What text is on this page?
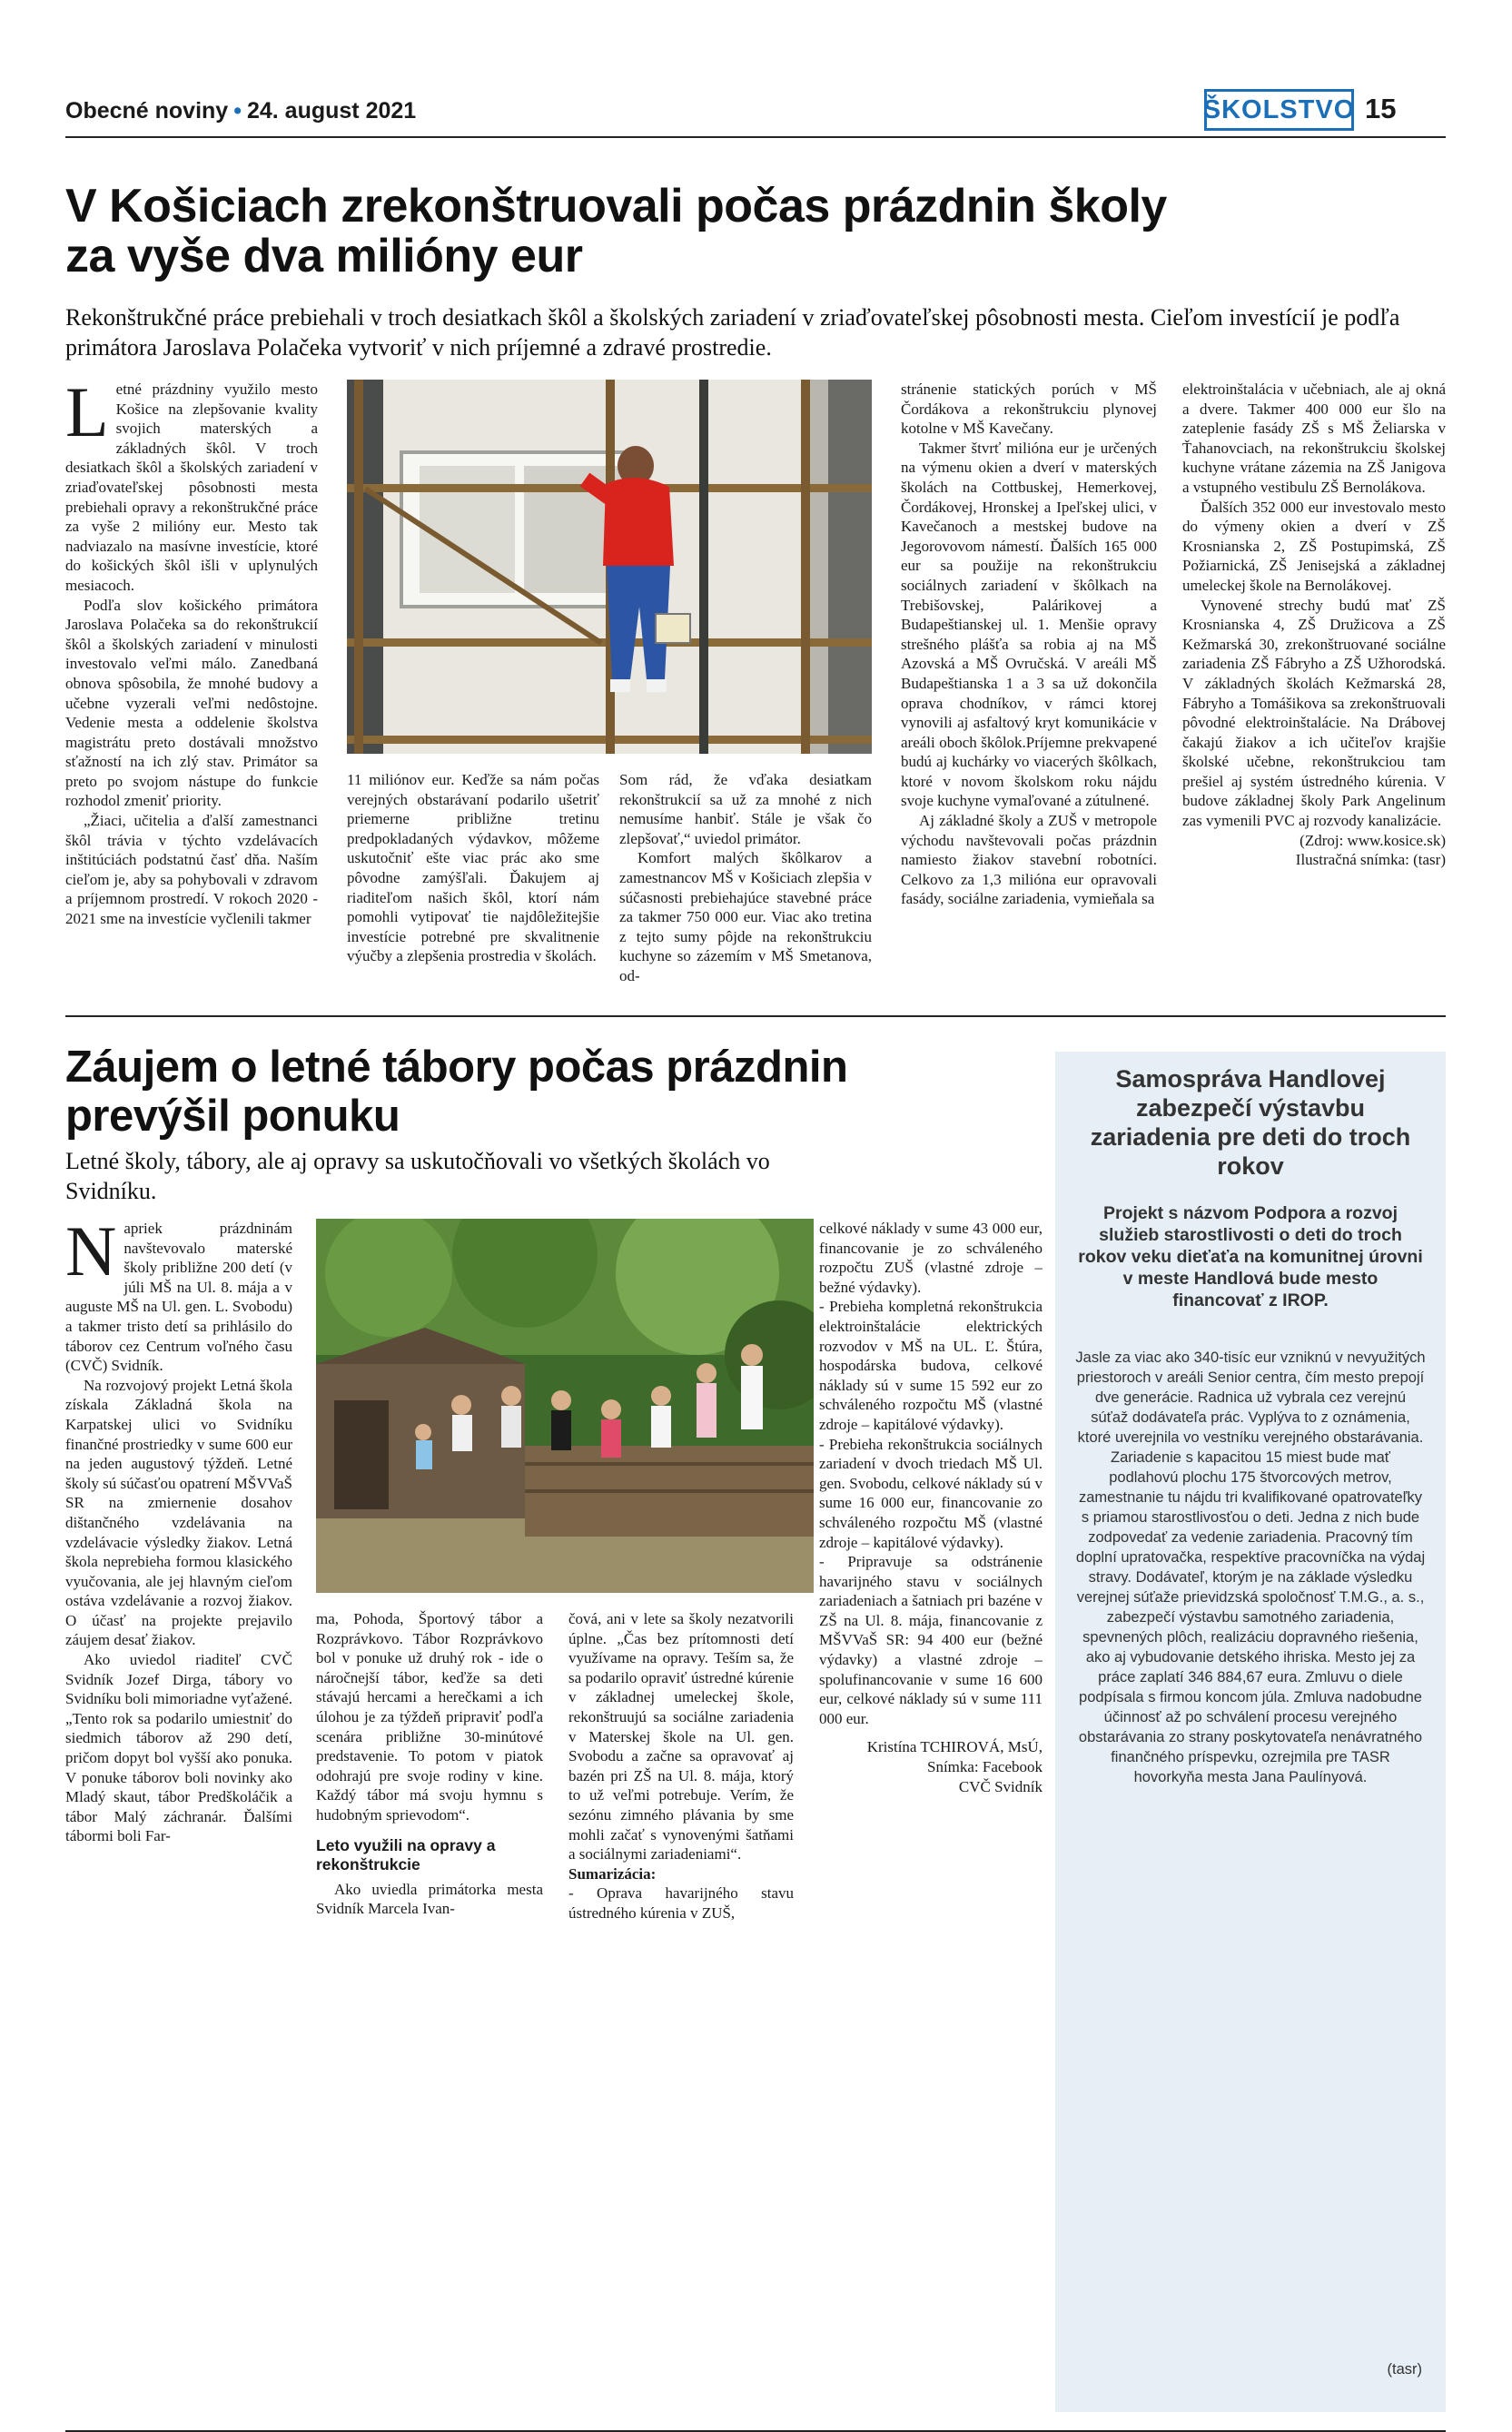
Obecné noviny • 24. august 2021	ŠKOLSTVO 15
V Košiciach zrekonštruovali počas prázdnin školy
za vyše dva milióny eur
Rekonštrukčné práce prebiehali v troch desiatkach škôl a školských zariadení v zriaďovateľskej pôsobnosti mesta. Cieľom investícií je podľa primátora Jaroslava Polačeka vytvoriť v nich príjemné a zdravé prostredie.

Letné prázdniny využilo mesto Košice na zlepšovanie kvality svojich materských a základných škôl. V troch desiatkach škôl a školských zariadení v zriaďovateľskej pôsobnosti mesta prebiehali opravy a rekonštrukčné práce za vyše 2 milióny eur. Mesto tak nadviazalo na masívne investície, ktoré do košických škôl išli v uplynulých mesiacoch.

Podľa slov košického primátora Jaroslava Polačeka sa do rekonštrukcií škôl a školských zariadení v minulosti investovalo veľmi málo. Zanedbaná obnova spôsobila, že mnohé budovy a učebne vyzerali veľmi nedôstojne. Vedenie mesta a oddelenie školstva magistrátu preto dostávali množstvo sťažností na ich zlý stav. Primátor sa preto po svojom nástupe do funkcie rozhodol zmeniť priority.

„Žiaci, učitelia a ďalší zamestnanci škôl trávia v týchto vzdelávacích inštitúciách podstatnú časť dňa. Naším cieľom je, aby sa pohybovali v zdravom a príjemnom prostredí. V rokoch 2020 - 2021 sme na investície vyčlenili takmer

11 miliónov eur. Keďže sa nám počas verejných obstarávaní podarilo ušetriť priemerne približne tretinu predpokladaných výdavkov, môžeme uskutočniť ešte viac prác ako sme pôvodne zamýšľali. Ďakujem aj riaditeľom našich škôl, ktorí nám pomohli vytipovať tie najdôležitejšie investície potrebné pre skvalitnenie výučby a zlepšenia prostredia v školách.

Som rád, že vďaka desiatkam rekonštrukcií sa už za mnohé z nich nemusíme hanbiť. Stále je však čo zlepšovať,“ uviedol primátor.

Komfort malých škôlkarov a zamestnancov MŠ v Košiciach zlepšia v súčasnosti prebiehajúce stavebné práce za takmer 750 000 eur. Viac ako tretina z tejto sumy pôjde na rekonštrukciu kuchyne so zázemím v MŠ Smetanova, od-

stránenie statických porúch v MŠ Čordákova a rekonštrukciu plynovej kotolne v MŠ Kavečany.

Takmer štvrť milióna eur je určených na výmenu okien a dverí v materských školách na Cottbuskej, Hemerkovej, Čordákovej, Hronskej a Ipeľskej ulici, v Kavečanoch a mestskej budove na Jegorovovom námestí. Ďalších 165 000 eur sa použije na rekonštrukciu sociálnych zariadení v škôlkach na Trebišovskej, Palárikovej a Budapeštianskej ul. 1. Menšie opravy strešného plášťa sa robia aj na MŠ Azovská a MŠ Ovručská. V areáli MŠ Budapeštianska 1 a 3 sa už dokončila oprava chodníkov, v rámci ktorej vynovili aj asfaltový kryt komunikácie v areáli oboch škôlok.Príjemne prekvapené budú aj kuchárky vo viacerých škôlkach, ktoré v novom školskom roku nájdu svoje kuchyne vymaľované a zútulnené.

Aj základné školy a ZUŠ v metropole východu navštevovali počas prázdnin namiesto žiakov stavební robotníci. Celkovo za 1,3 milióna eur opravovali fasády, sociálne zariadenia, vymieňala sa

elektroinštalácia v učebniach, ale aj okná a dvere. Takmer 400 000 eur šlo na zateplenie fasády ZŠ s MŠ Želiarska v Ťahanovciach, na rekonštrukciu školskej kuchyne vrátane zázemia na ZŠ Janigova a vstupného vestibulu ZŠ Bernolákova.

Ďalších 352 000 eur investovalo mesto do výmeny okien a dverí v ZŠ Krosnianska 2, ZŠ Postupimská, ZŠ Požiarnická, ZŠ Jenisejská a základnej umeleckej škole na Bernolákovej.

Vynovené strechy budú mať ZŠ Krosnianska 4, ZŠ Družicova a ZŠ Kežmarská 30, zrekonštruované sociálne zariadenia ZŠ Fábryho a ZŠ Užhorodská. V základných školách Kežmarská 28, Fábryho a Tomášikova sa zrekonštruovali pôvodné elektroinštalácie. Na Drábovej čakajú žiakov a ich učiteľov krajšie školské učebne, rekonštrukciou tam prešiel aj systém ústredného kúrenia. V budove základnej školy Park Angelinum zas vymenili PVC aj rozvody kanalizácie.

(Zdroj: www.kosice.sk)

Ilustračná snímka: (tasr)

Záujem o letné tábory počas prázdnin
prevýšil ponuku
Letné školy, tábory, ale aj opravy sa uskutočňovali vo všetkých školách vo Svidníku.

Napriek prázdninám navštevovalo materské školy približne 200 detí (v júli MŠ na Ul. 8. mája a v auguste MŠ na Ul. gen. L. Svobodu) a takmer tristo detí sa prihlásilo do táborov cez Centrum voľného času (CVČ) Svidník.

Na rozvojový projekt Letná škola získala Základná škola na Karpatskej ulici vo Svidníku finančné prostriedky v sume 600 eur na jeden augustový týždeň. Letné školy sú súčasťou opatrení MŠVVaŠ SR na zmiernenie dosahov dištančného vzdelávania na vzdelávacie výsledky žiakov. Letná škola neprebieha formou klasického vyučovania, ale jej hlavným cieľom ostáva vzdelávanie a rozvoj žiakov. O účasť na projekte prejavilo záujem desať žiakov.

Ako uviedol riaditeľ CVČ Svidník Jozef Dirga, tábory vo Svidníku boli mimoriadne vyťažené. „Tento rok sa podarilo umiestniť do siedmich táborov až 290 detí, pričom dopyt bol vyšší ako ponuka. V ponuke táborov boli novinky ako Mladý skaut, tábor Predškoláčik a tábor Malý záchranár. Ďalšími tábormi boli Far-

ma, Pohoda, Športový tábor a Rozprávkovo. Tábor Rozprávkovo bol v ponuke už druhý rok - ide o náročnejší tábor, keďže sa deti stávajú hercami a herečkami a ich úlohou je za týždeň pripraviť podľa scenára približne 30-minútové predstavenie. To potom v piatok odohrajú pre svoje rodiny v kine. Každý tábor má svoju hymnu s hudobným sprievodom“.

Leto využili na opravy a rekonštrukcie

Ako uviedla primátorka mesta Svidník Marcela Ivan-

čová, ani v lete sa školy nezatvorili úplne. „Čas bez prítomnosti detí využívame na opravy. Teším sa, že sa podarilo opraviť ústredné kúrenie v základnej umeleckej škole, rekonštruujú sa sociálne zariadenia v Materskej škole na Ul. gen. Svobodu a začne sa opravovať aj bazén pri ZŠ na Ul. 8. mája, ktorý to už veľmi potrebuje. Verím, že sezónu zimného plávania by sme mohli začať s vynovenými šatňami a sociálnymi zariadeniami“.

Sumarizácia:

- Oprava havarijného stavu ústredného kúrenia v ZUŠ,

celkové náklady v sume 43 000 eur, financovanie je zo schváleného rozpočtu ZUŠ (vlastné zdroje – bežné výdavky).

- Prebieha kompletná rekonštrukcia elektroinštalácie elektrických rozvodov v MŠ na UL. Ľ. Štúra, hospodárska budova, celkové náklady sú v sume 15 592 eur zo schváleného rozpočtu MŠ (vlastné zdroje – kapitálové výdavky).

- Prebieha rekonštrukcia sociálnych zariadení v dvoch triedach MŠ Ul. gen. Svobodu, celkové náklady sú v sume 16 000 eur, financovanie zo schváleného rozpočtu MŠ (vlastné zdroje – kapitálové výdavky).

- Pripravuje sa odstránenie havarijného stavu v sociálnych zariadeniach a šatniach pri bazéne v ZŠ na Ul. 8. mája, financovanie z MŠVVaŠ SR: 94 400 eur (bežné výdavky) a vlastné zdroje – spolufinancovanie v sume 16 600 eur, celkové náklady sú v sume 111 000 eur.

Kristína TCHIROVÁ, MsÚ,

Snímka: Facebook

CVČ Svidník

Samospráva Handlovej zabezpečí výstavbu zariadenia pre deti do troch rokov
Projekt s názvom Podpora a rozvoj služieb starostlivosti o deti do troch rokov veku dieťaťa na komunitnej úrovni v meste Handlová bude mesto financovať z IROP.
Jasle za viac ako 340-tisíc eur vzniknú v nevyužitých priestoroch v areáli Senior centra, čím mesto prepojí dve generácie. Radnica už vybrala cez verejnú súťaž dodávateľa prác. Vyplýva to z oznámenia, ktoré uverejnila vo vestníku verejného obstarávania. Zariadenie s kapacitou 15 miest bude mať podlahovú plochu 175 štvorcových metrov, zamestnanie tu nájdu tri kvalifikované opatrovateľky s priamou starostlivosťou o deti. Jedna z nich bude zodpovedať za vedenie zariadenia. Pracovný tím doplní upratovačka, respektíve pracovníčka na výdaj stravy. Dodávateľ, ktorým je na základe výsledku verejnej súťaže prievidzská spoločnosť T.M.G., a. s., zabezpečí výstavbu samotného zariadenia, spevnených plôch, realizáciu dopravného riešenia, ako aj vybudovanie detského ihriska. Mesto jej za práce zaplatí 346 884,67 eura. Zmluvu o diele podpísala s firmou koncom júla. Zmluva nadobudne účinnosť až po schválení procesu verejného obstarávania zo strany poskytovateľa nenávratného finančného príspevku, ozrejmila pre TASR hovorkyňa mesta Jana Paulínyová.
(tasr)
